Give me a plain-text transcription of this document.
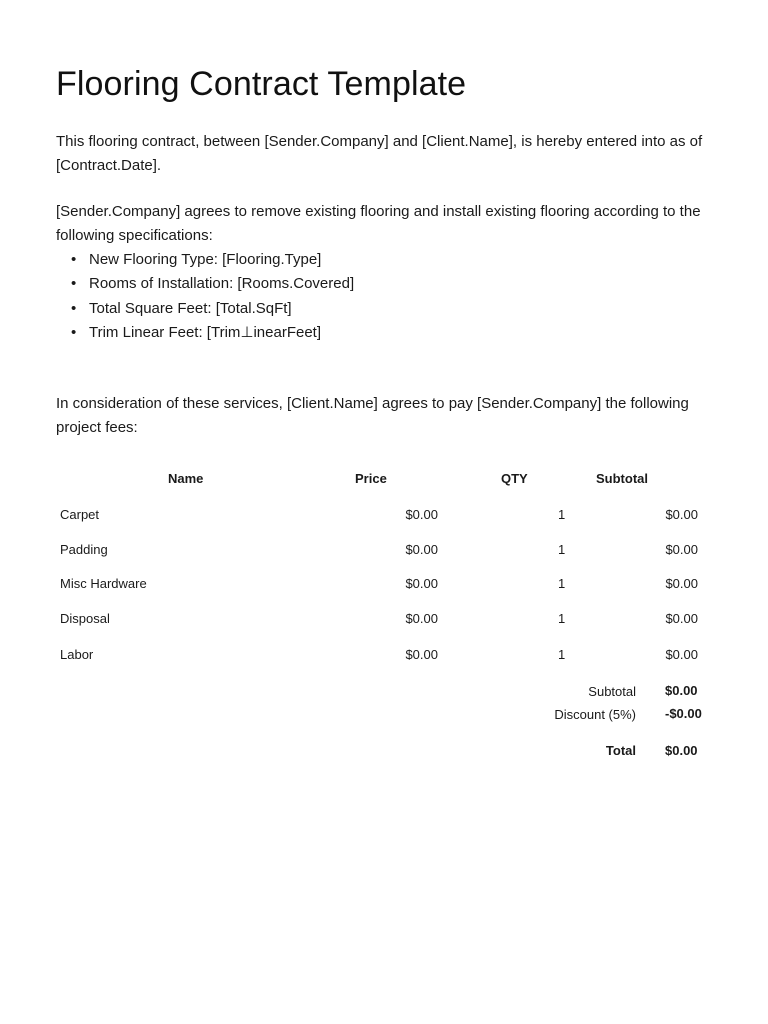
Flooring Contract Template

This flooring contract, between [Sender.Company] and [Client.Name], is hereby entered into as of [Contract.Date].

[Sender.Company] agrees to remove existing flooring and install existing flooring according to the following specifications:

• New Flooring Type: [Flooring.Type]
• Rooms of Installation: [Rooms.Covered]
• Total Square Feet: [Total.SqFt]
• Trim Linear Feet: [Trim⊥inearFeet]

In consideration of these services, [Client.Name] agrees to pay [Sender.Company] the following project fees:

Name	Price	QTY	Subtotal
Carpet	$0.00	1	$0.00
Padding	$0.00	1	$0.00
Misc Hardware	$0.00	1	$0.00
Disposal	$0.00	1	$0.00
Labor	$0.00	1	$0.00
Subtotal $0.00
Discount (5%) -$0.00
Total $0.00
